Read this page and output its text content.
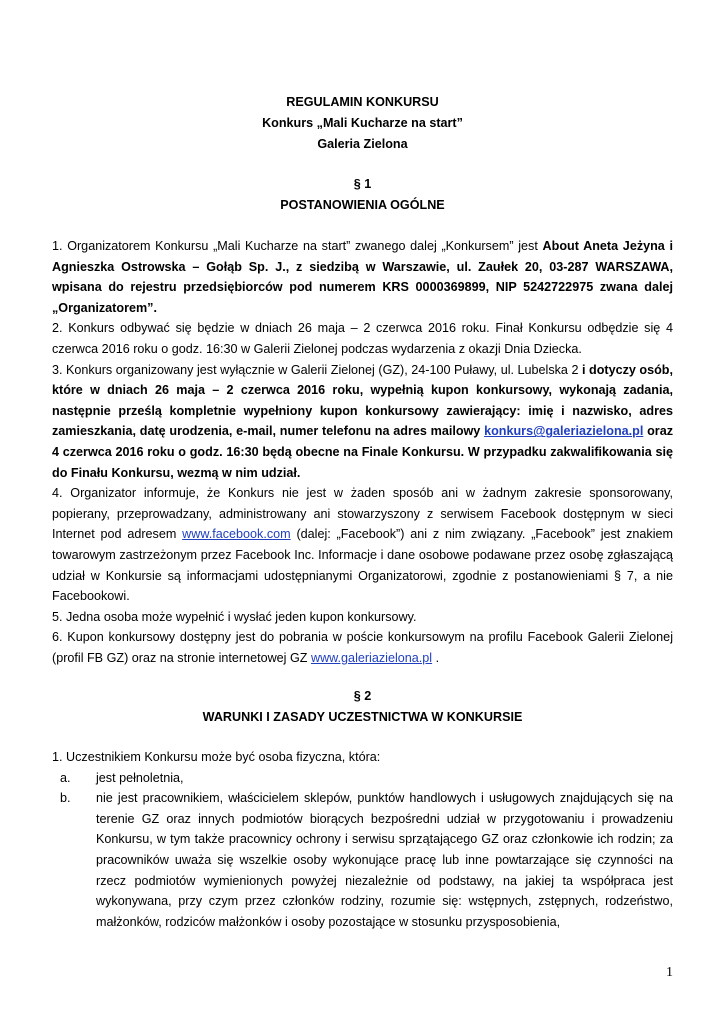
REGULAMIN KONKURSU
Konkurs „Mali Kucharze na start”
Galeria Zielona
§ 1
POSTANOWIENIA OGÓLNE

1. Organizatorem Konkursu „Mali Kucharze na start” zwanego dalej „Konkursem” jest About Aneta Jeżyna i Agnieszka Ostrowska – Gołąb Sp. J., z siedzibą w Warszawie, ul. Zaułek 20, 03-287 WARSZAWA, wpisana do rejestru przedsiębiorców pod numerem KRS 0000369899, NIP 5242722975 zwana dalej „Organizatorem”.

2. Konkurs odbywać się będzie w dniach 26 maja – 2 czerwca 2016 roku. Finał Konkursu odbędzie się 4 czerwca 2016 roku o godz. 16:30 w Galerii Zielonej podczas wydarzenia z okazji Dnia Dziecka.

3. Konkurs organizowany jest wyłącznie w Galerii Zielonej (GZ), 24-100 Puławy, ul. Lubelska 2 i dotyczy osób, które w dniach 26 maja – 2 czerwca 2016 roku, wypełnią kupon konkursowy, wykonają zadania, następnie prześlą kompletnie wypełniony kupon konkursowy zawierający: imię i nazwisko, adres zamieszkania, datę urodzenia, e-mail, numer telefonu na adres mailowy konkurs@galeriazielona.pl oraz 4 czerwca 2016 roku o godz. 16:30 będą obecne na Finale Konkursu. W przypadku zakwalifikowania się do Finału Konkursu, wezmą w nim udział.

4. Organizator informuje, że Konkurs nie jest w żaden sposób ani w żadnym zakresie sponsorowany, popierany, przeprowadzany, administrowany ani stowarzyszony z serwisem Facebook dostępnym w sieci Internet pod adresem www.facebook.com (dalej: „Facebook”) ani z nim związany. „Facebook” jest znakiem towarowym zastrzeżonym przez Facebook Inc. Informacje i dane osobowe podawane przez osobę zgłaszającą udział w Konkursie są informacjami udostępnianymi Organizatorowi, zgodnie z postanowieniami § 7, a nie Facebookowi.

5. Jedna osoba może wypełnić i wysłać jeden kupon konkursowy.

6. Kupon konkursowy dostępny jest do pobrania w poście konkursowym na profilu Facebook Galerii Zielonej (profil FB GZ) oraz na stronie internetowej GZ www.galeriazielona.pl .

§ 2
WARUNKI I ZASADY UCZESTNICTWA W KONKURSIE
1. Uczestnikiem Konkursu może być osoba fizyczna, która:
a.	jest pełnoletnia,
b.	nie jest pracownikiem, właścicielem sklepów, punktów handlowych i usługowych znajdujących się na terenie GZ oraz innych podmiotów biorących bezpośredni udział w przygotowaniu i prowadzeniu Konkursu, w tym także pracownicy ochrony i serwisu sprzątającego GZ oraz członkowie ich rodzin; za pracowników uważa się wszelkie osoby wykonujące pracę lub inne powtarzające się czynności na rzecz podmiotów wymienionych powyżej niezależnie od podstawy, na jakiej ta współpraca jest wykonywana, przy czym przez członków rodziny, rozumie się: wstępnych, zstępnych, rodzeństwo, małżonków, rodziców małżonków i osoby pozostające w stosunku przysposobienia,
1
